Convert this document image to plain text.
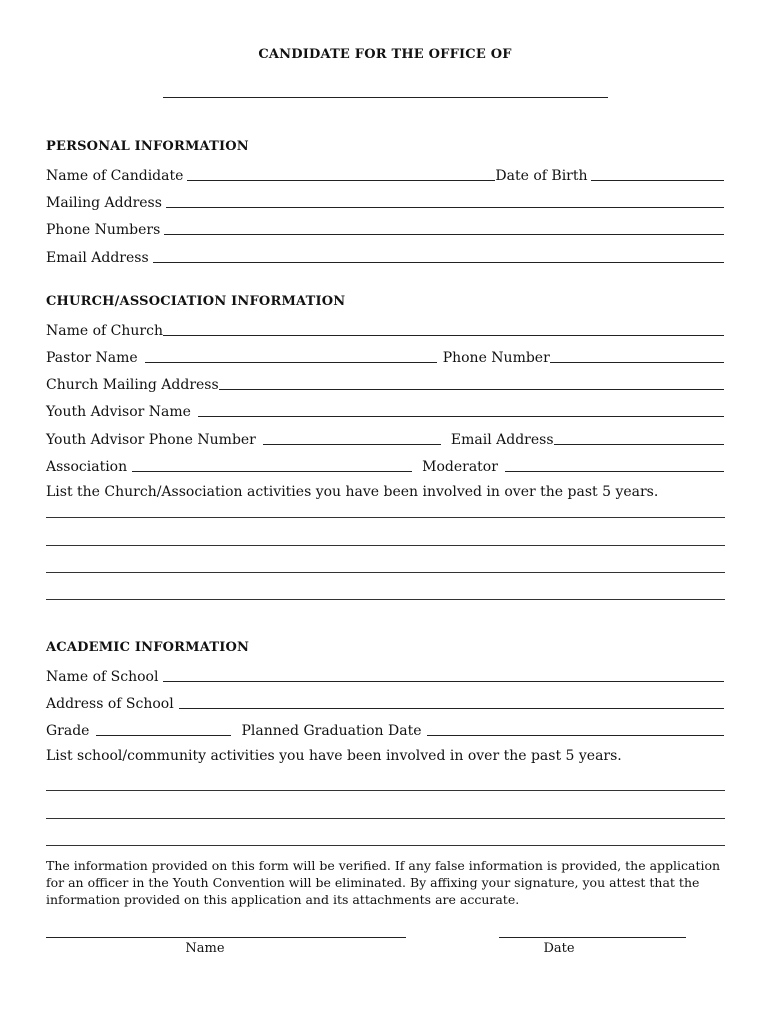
CANDIDATE FOR THE OFFICE OF
PERSONAL INFORMATION
Name of Candidate	Date of Birth
Mailing Address
Phone Numbers
Email Address
CHURCH/ASSOCIATION INFORMATION
Name of Church
Pastor Name	Phone Number
Church Mailing Address
Youth Advisor Name
Youth Advisor Phone Number	Email Address
Association	Moderator
List the Church/Association activities you have been involved in over the past 5 years.
ACADEMIC INFORMATION
Name of School
Address of School
Grade	Planned Graduation Date
List school/community activities you have been involved in over the past 5 years.
The information provided on this form will be verified. If any false information is provided, the application for an officer in the Youth Convention will be eliminated. By affixing your signature, you attest that the information provided on this application and its attachments are accurate.
Name	Date
